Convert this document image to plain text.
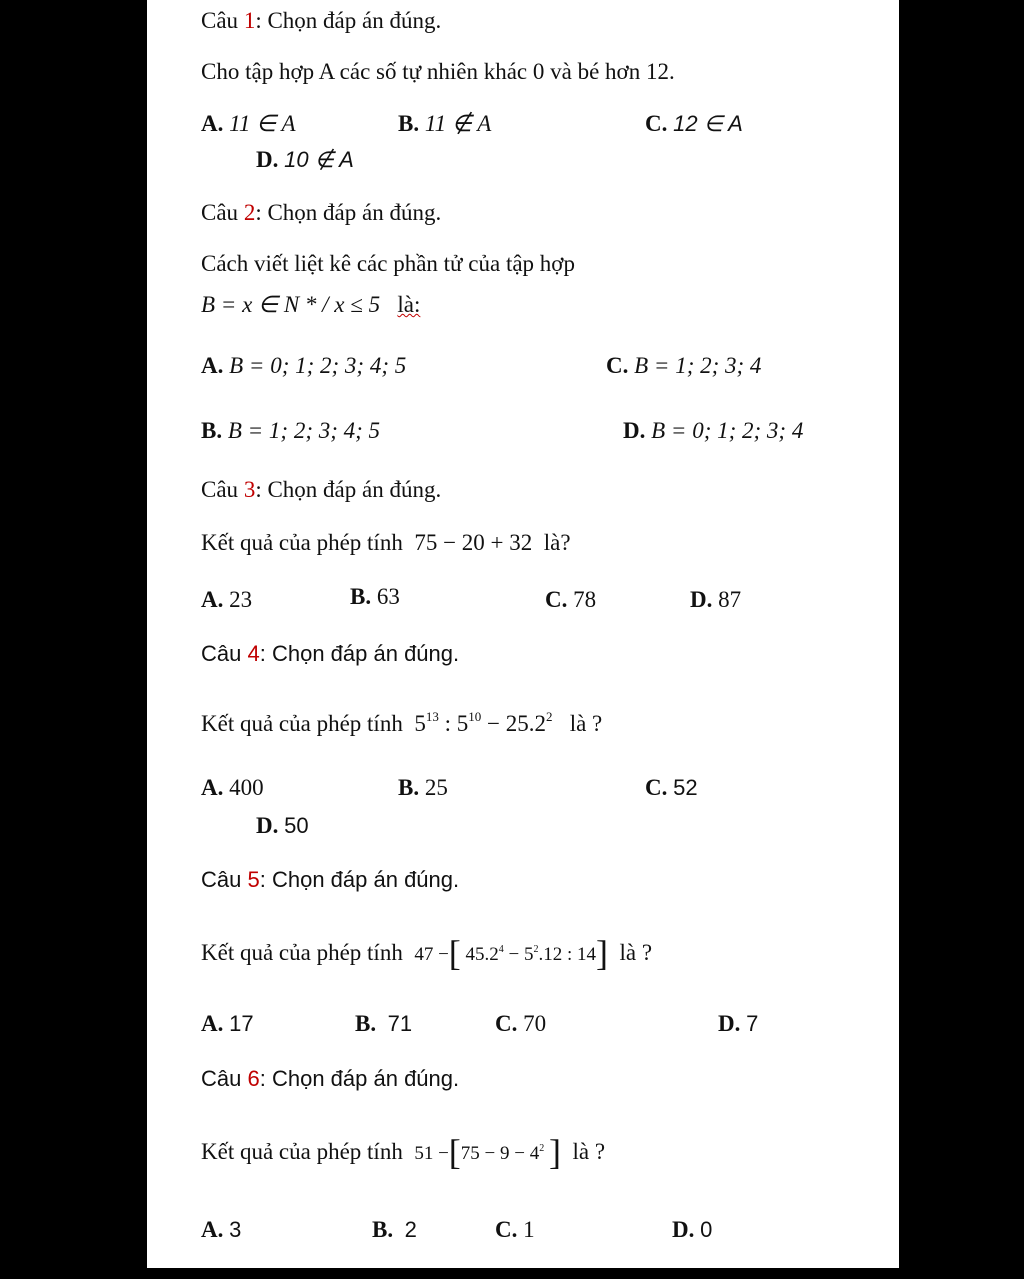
Câu 1: Chọn đáp án đúng.
Cho tập hợp A các số tự nhiên khác 0 và bé hơn 12.
A. 11 ∈ A	B. 11 ∉ A	C. 12 ∈ A
D. 10 ∉ A
Câu 2: Chọn đáp án đúng.
Cách viết liệt kê các phần tử của tập hợp
B = x ∈ N * / x ≤ 5 là:
A. B = 0; 1; 2; 3; 4; 5	C. B = 1; 2; 3; 4
B. B = 1; 2; 3; 4; 5	D. B = 0; 1; 2; 3; 4
Câu 3: Chọn đáp án đúng.
Kết quả của phép tính 75 − 20 + 32 là?
A. 23	B. 63	C. 78	D. 87
Câu 4: Chọn đáp án đúng.
Kết quả của phép tính $5^{13}$ : $5^{10} - 25.2^2$ là ?
A. 400	B. 25	C. 52
D. 50
Câu 5: Chọn đáp án đúng.
Kết quả của phép tính 47 −[ $45.2^4 - 5^2.12$ : 14] là ?
A. 17	B. 71	C. 70	D. 7
Câu 6: Chọn đáp án đúng.
Kết quả của phép tính $51 -[75 - 9 - 4^2$ ] là ?
A. 3	B. 2	C. 1	D. 0
